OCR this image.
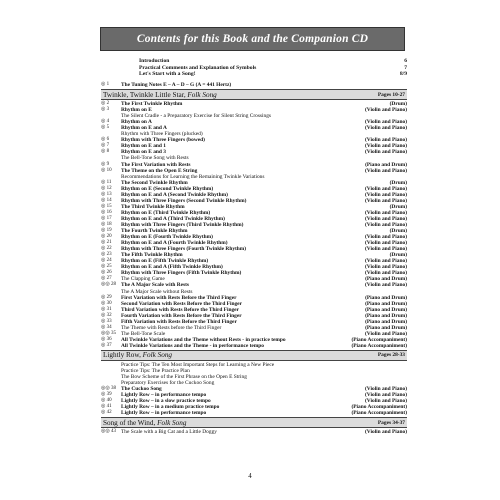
Contents for this Book and the Companion CD
Introduction	6
Practical Comments and Explanation of Symbols	7
Let's Start with a Song!	8/9
◎ 1	The Tuning Notes E – A – D – G (A = 441 Hertz)
Twinkle, Twinkle Little Star, Folk Song	Pages 10-27
◎ 2	The First Twinkle Rhythm	(Drum)
◎ 3	Rhythm on E	(Violin and Piano)
The Silent Cradle - a Preparatory Exercise for Silent String Crossings
◎ 4	Rhythm on A	(Violin and Piano)
◎ 5	Rhythm on E and A	(Violin and Piano)
Rhythm with Three Fingers (plucked)
◎ 6	Rhythm with Three Fingers (bowed)	(Violin and Piano)
◎ 7	Rhythm on E and 1	(Violin and Piano)
◎ 8	Rhythm on E and 3	(Violin and Piano)
The Bell-Tone Song with Rests
◎ 9	The First Variation with Rests	(Piano and Drum)
◎ 10	The Theme on the Open E String	(Violin and Piano)
Recommendations for Learning the Remaining Twinkle Variations
◎ 11	The Second Twinkle Rhythm	(Drum)
◎ 12	Rhythm on E (Second Twinkle Rhythm)	(Violin and Piano)
◎ 13	Rhythm on E and A (Second Twinkle Rhythm)	(Violin and Piano)
◎ 14	Rhythm with Three Fingers (Second Twinkle Rhythm)	(Violin and Piano)
◎ 15	The Third Twinkle Rhythm	(Drum)
◎ 16	Rhythm on E (Third Twinkle Rhythm)	(Violin and Piano)
◎ 17	Rhythm on E and A (Third Twinkle Rhythm)	(Violin and Piano)
◎ 18	Rhythm with Three Fingers (Third Twinkle Rhythm)	(Violin and Piano)
◎ 19	The Fourth Twinkle Rhythm	(Drum)
◎ 20	Rhythm on E (Fourth Twinkle Rhythm)	(Violin and Piano)
◎ 21	Rhythm on E and A (Fourth Twinkle Rhythm)	(Violin and Piano)
◎ 22	Rhythm with Three Fingers (Fourth Twinkle Rhythm)	(Violin and Piano)
◎ 23	The Fifth Twinkle Rhythm	(Drum)
◎ 24	Rhythm on E (Fifth Twinkle Rhythm)	(Violin and Piano)
◎ 25	Rhythm on E and A (Fifth Twinkle Rhythm)	(Violin and Piano)
◎ 26	Rhythm with Three Fingers (Fifth Twinkle Rhythm)	(Violin and Piano)
◎ 27	The Clapping Game	(Piano and Drum)
◎◎ 28 The A Major Scale with Rests	(Violin and Piano)
The A Major Scale without Rests
◎ 29	First Variation with Rests Before the Third Finger	(Piano and Drum)
◎ 30	Second Variation with Rests Before the Third Finger	(Piano and Drum)
◎ 31	Third Variation with Rests Before the Third Finger	(Piano and Drum)
◎ 32	Fourth Variation with Rests Before the Third Finger	(Piano and Drum)
◎ 33	Fifth Variation with Rests Before the Third Finger	(Piano and Drum)
◎ 34	The Theme with Rests before the Third Finger	(Piano and Drum)
◎◎ 35 The Bell-Tone Scale	(Violin and Piano)
◎ 36	All Twinkle Variations and the Theme without Rests - in practice tempo	(Piano Accompaniment)
◎ 37	All Twinkle Variations and the Theme - in performance tempo	(Piano Accompaniment)
Lightly Row, Folk Song	Pages 28-33
Practice Tips: The Ten Most Important Steps for Learning a New Piece
Practice Tips: The Practice Plan
The Bow Scheme of the First Phrase on the Open E String
Preparatory Exercises for the Cuckoo Song
◎◎ 38 The Cuckoo Song	(Violin and Piano)
◎ 39	Lightly Row – in performance tempo	(Violin and Piano)
◎ 40	Lightly Row – in a slow practice tempo	(Violin and Piano)
◎ 41	Lightly Row – in a medium practice tempo	(Piano Accompaniment)
◎ 42	Lightly Row – in performance tempo	(Piano Accompaniment)
Song of the Wind, Folk Song	Pages 34-37
◎◎ 43 The Scale with a Big Cat and a Little Doggy	(Violin and Piano)
4
